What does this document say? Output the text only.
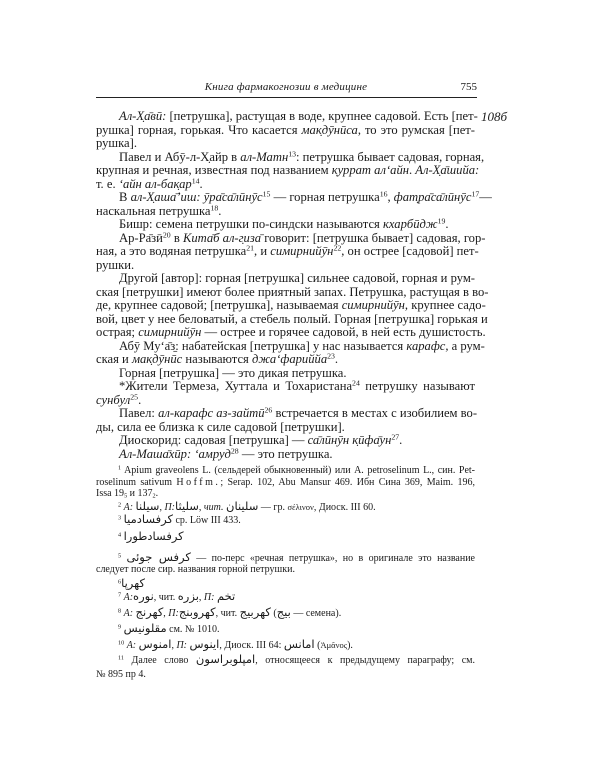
Книга фармакогнозии в медицине	755
108б
Ал-Х̣а̄вӣ: [петрушка], растущая в воде, крупнее садовой. Есть [пет-
рушка] горная, горькая. Что касается мак̣дӯнӣса, то это румская [пет-
рушка].
Павел и Абӯ-л-Х̣айр в ал-Матн$^{13}$: петрушка бывает садовая, горная,
крупная и речная, известная под названием к̣уррат ал‘айн. Ал-Х̣а̄шийа:
т. е. ‘айн $ал-бак̣ар^{14}$.
В ал-Х̣аша̄’иш: ӯра̄са̄лӣнӯс$^{15}$ — горная петрушка$^{16}$, фат̣ра̄са̄лӣнӯс$^{17}$—
наскальная петрушка$^{18}$.
Бишр: семена петрушки по-синдски называются кхарбӣдж$^{19}$.
$Ар-Ра̄зӣ^{20}$ в Кита̄б ал-г̣иза̄ говорит: [петрушка бывает] садовая, гор-
ная, а это водяная петрушка$^{21}$, и симирнийӯн$^{22}$, он острее [садовой] пет-
рушки.
Другой [автор]: горная [петрушка] сильнее садовой, горная и рум-
ская [петрушки] имеют более приятный запах. Петрушка, растущая в во-
де, крупнее садовой; [петрушка], называемая симирнийӯн, крупнее садо-
вой, цвет у нее беловатый, а стебель полый. Горная [петрушка] горькая и
острая; симирнийӯн — острее и горячее садовой, в ней есть душистость.
Абӯ Му‘а̄з̱: набатейская [петрушка] у нас называется карафс, а рум-
ская и мак̣дӯнӣс называются джа‘фариййа$^{23}$.
Горная [петрушка] — это дикая петрушка.
*Жители Термеза, Хуттала и Тохаристана$^{24}$ петрушку называют
сунбул$^{25}$.
Павел: ал-карафс аз-зайтӣ$^{26}$ встречается в местах с изобилием во-
ды, сила ее близка к силе садовой [петрушки].
Диоскорид: садовая [петрушка] — са̄лӣнӯн $к̣ӣфа̄ун^{27}$.
Ал-Маша̄хӣр: ‘амруд$^{28}$ — это петрушка.
$^1$ Apium graveolens L. (сельдерей обыкновенный) или A. petroselinum L., син. Pet-
roselinum sativum Hoffm.; Serap. 102, Abu Mansur 469. Ибн Сина 369, Maim. 196,
Issa $19_5$ и $137_2$.
$^2$ A: سيلنا, П:سليثا, чит. سلينان — гр. σέλινον, Диоск. III 60.
$^3$ كرفسادميا ср. Löw III 433.
$^4$ كرفسادطورا
$^5$ كرفس جوئى — по-перс «речная петрушка», но в оригинале это название
следует после сир. названия горной петрушки.
$^6$كهرپا
$^7$ A:نوره, чит. بزره, П: تخم
$^8$ A: كهرنج, П:كهروبنج, чит. كهربيج (بيج — семена).
$^9$ مقلونيس см. № 1010.
$^{10}$ A: امنوس, П: اينوس, Диоск. III 64: امانس (Ἀμᾶνος).
$^{11}$ Далее слово امپلوبراسون, относящееся к предыдущему параграфу; см.
№ 895 пр 4.
